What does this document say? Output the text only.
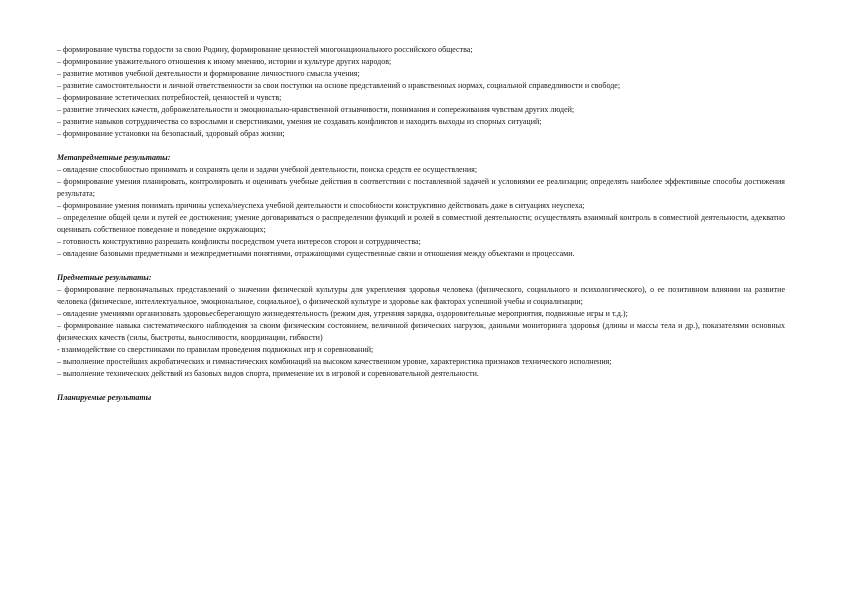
– формирование чувства гордости за свою Родину, формирование ценностей многонационального российского общества;

– формирование уважительного отношения к иному мнению, истории и культуре других народов;

– развитие мотивов учебной деятельности и формирование личностного смысла учения;

– развитие самостоятельности и личной ответственности за свои поступки на основе представлений о нравственных нормах, социальной справедливости и свободе;

– формирование эстетических потребностей, ценностей и чувств;

– развитие этических качеств, доброжелательности и эмоционально-нравственной отзывчивости, понимания и сопереживания чувствам других людей;

– развитие навыков сотрудничества со взрослыми и сверстниками, умения не создавать конфликтов и находить выходы из спорных ситуаций;

– формирование установки на безопасный, здоровый образ жизни;

Метапредметные результаты:

– овладение способностью принимать и сохранять цели и задачи учебной деятельности, поиска средств ее осуществления;

– формирование умения планировать, контролировать и оценивать учебные действия в соответствии с поставленной задачей и условиями ее реализации; определять наиболее эффективные способы достижения результата;

– формирование умения понимать причины успеха/неуспеха учебной деятельности и способности конструктивно действовать даже в ситуациях неуспеха;

– определение общей цели и путей ее достижения; умение договариваться о распределении функций и ролей в совместной деятельности; осуществлять взаимный контроль в совместной деятельности, адекватно оценивать собственное поведение и поведение окружающих;

– готовность конструктивно разрешать конфликты посредством учета интересов сторон и сотрудничества;

– овладение базовыми предметными и межпредметными понятиями, отражающими существенные связи и отношения между объектами и процессами.

Предметные результаты:

– формирование первоначальных представлений о значении физической культуры для укрепления здоровья человека (физического, социального и психологического), о ее позитивном влиянии на развитие человека (физическое, интеллектуальное, эмоциональное, социальное), о физической культуре и здоровье как факторах успешной учебы и социализации;

– овладение умениями организовать здоровьесберегающую жизнедеятельность (режим дня, утренняя зарядка, оздоровительные мероприятия, подвижные игры и т.д.);

– формирование навыка систематического наблюдения за своим физическим состоянием, величиной физических нагрузок, данными мониторинга здоровья (длины и массы тела и др.), показателями основных физических качеств (силы, быстроты, выносливости, координации, гибкости)

- взаимодействие со сверстниками по правилам проведения подвижных игр и соревнований;

– выполнение простейших акробатических и гимнастических комбинаций на высоком качественном уровне, характеристика признаков технического исполнения;

– выполнение технических действий из базовых видов спорта, применение их в игровой и соревновательной деятельности.

Планируемые результаты
